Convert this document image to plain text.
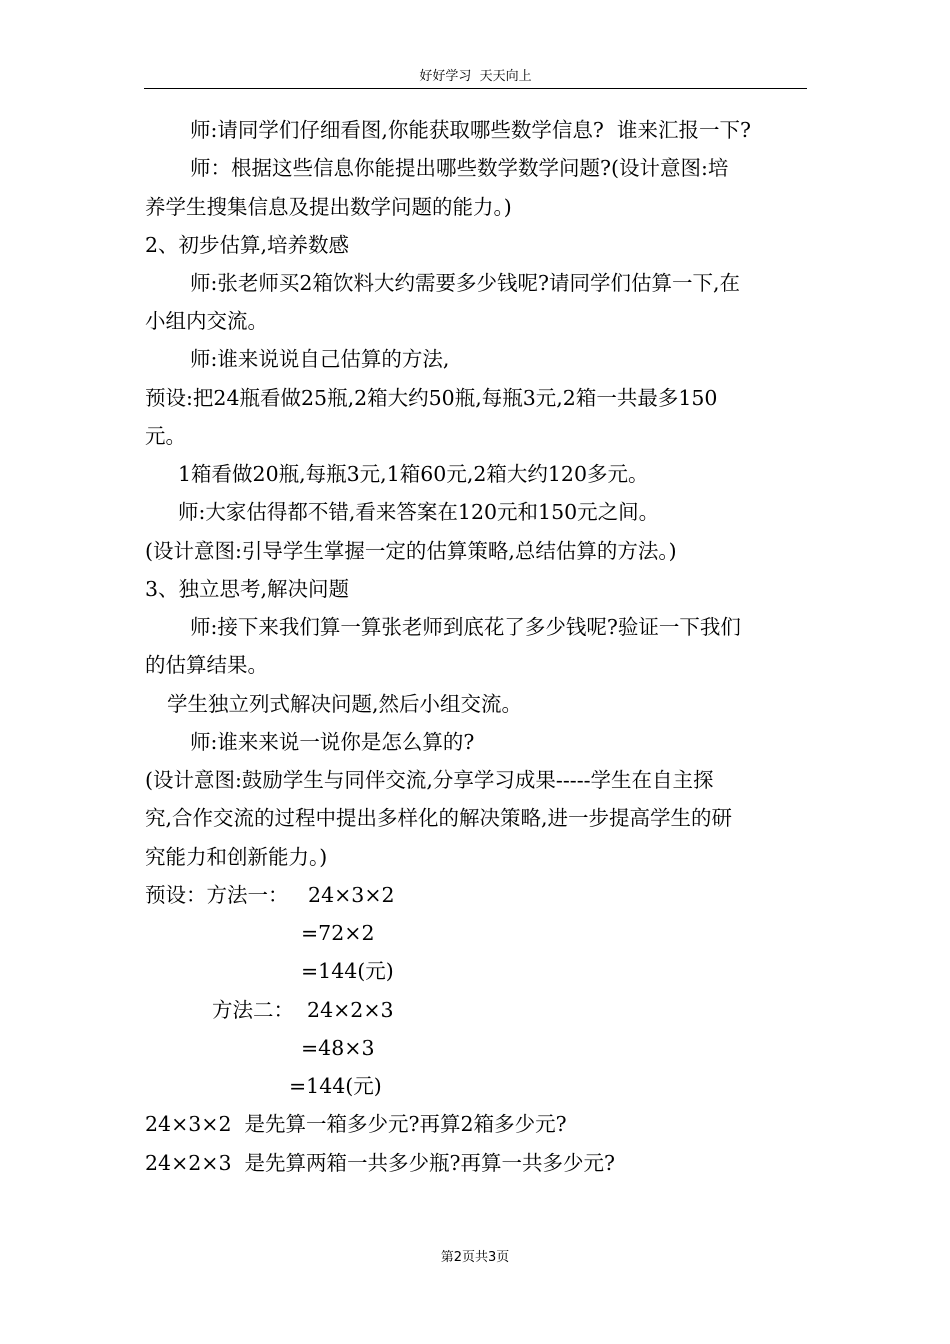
好好学习  天天向上
师:请同学们仔细看图,你能获取哪些数学信息?  谁来汇报一下?
师：根据这些信息你能提出哪些数学数学问题?(设计意图:培
养学生搜集信息及提出数学问题的能力。)
2、初步估算,培养数感
师:张老师买2箱饮料大约需要多少钱呢?请同学们估算一下,在
小组内交流。
师:谁来说说自己估算的方法,
预设:把24瓶看做25瓶,2箱大约50瓶,每瓶3元,2箱一共最多150
元。
1箱看做20瓶,每瓶3元,1箱60元,2箱大约120多元。
师:大家估得都不错,看来答案在120元和150元之间。
(设计意图:引导学生掌握一定的估算策略,总结估算的方法。)
3、独立思考,解决问题
师:接下来我们算一算张老师到底花了多少钱呢?验证一下我们
的估算结果。
学生独立列式解决问题,然后小组交流。
师:谁来来说一说你是怎么算的?
(设计意图:鼓励学生与同伴交流,分享学习成果-----学生在自主探
究,合作交流的过程中提出多样化的解决策略,进一步提高学生的研
究能力和创新能力。)
预设：方法一：   24×3×2
=72×2
=144(元)
方法二：  24×2×3
=48×3
=144(元)
24×3×2  是先算一箱多少元?再算2箱多少元?
24×2×3  是先算两箱一共多少瓶?再算一共多少元?
第2页共3页
